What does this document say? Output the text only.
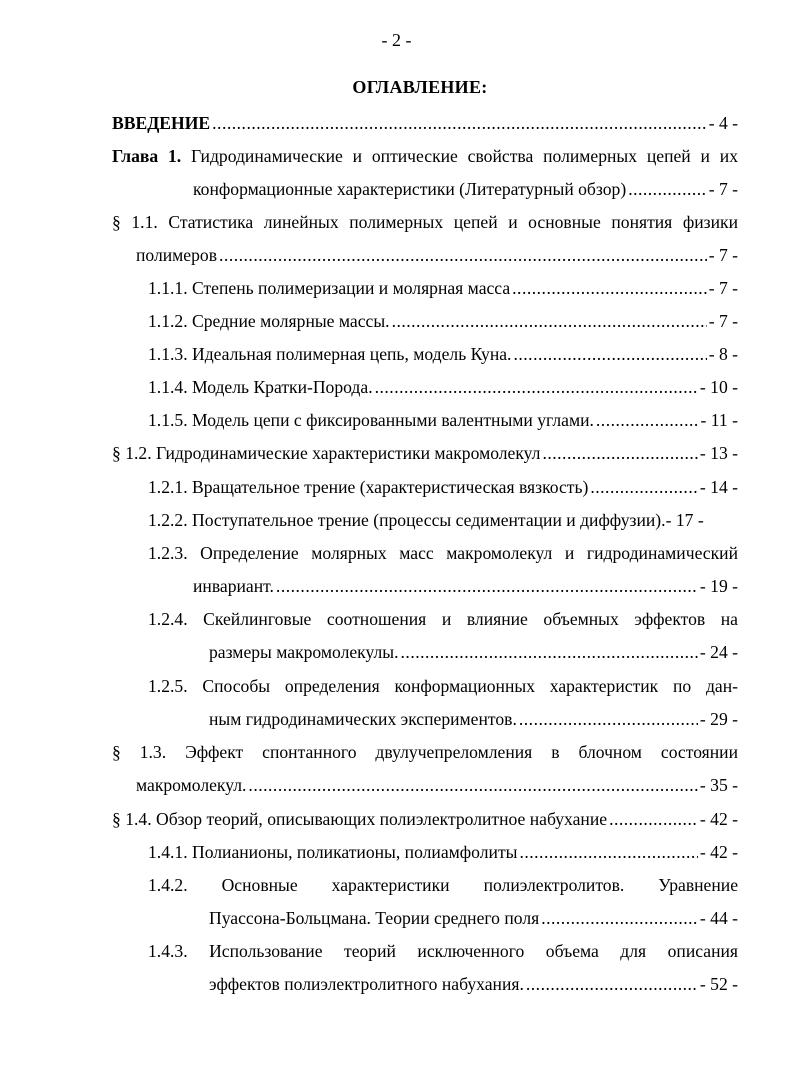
- 2 -
ОГЛАВЛЕНИЕ:
ВВЕДЕНИЕ .....	- 4 -
Глава 1. Гидродинамические и оптические свойства полимерных цепей и их
конформационные характеристики (Литературный обзор) .....	- 7 -
§ 1.1. Статистика линейных полимерных цепей и основные понятия физики
полимеров .....	- 7 -
1.1.1. Степень полимеризации и молярная масса .....	- 7 -
1.1.2. Средние молярные массы. .....	- 7 -
1.1.3. Идеальная полимерная цепь, модель Куна. .....	- 8 -
1.1.4. Модель Кратки-Порода. .....	- 10 -
1.1.5. Модель цепи с фиксированными валентными углами. .....	- 11 -
§ 1.2. Гидродинамические характеристики макромолекул .....	- 13 -
1.2.1. Вращательное трение (характеристическая вязкость) .....	- 14 -
1.2.2. Поступательное трение (процессы седиментации и диффузии). - 17 -
1.2.3. Определение молярных масс макромолекул и гидродинамический
инвариант. .....	- 19 -
1.2.4. Скейлинговые соотношения и влияние объемных эффектов на
размеры макромолекулы. .....	- 24 -
1.2.5. Способы определения конформационных характеристик по дан-
ным гидродинамических экспериментов. .....	- 29 -
§ 1.3. Эффект спонтанного двулучепреломления в блочном состоянии
макромолекул. .....	- 35 -
§ 1.4. Обзор теорий, описывающих полиэлектролитное набухание .....	- 42 -
1.4.1. Полианионы, поликатионы, полиамфолиты .....	- 42 -
1.4.2. Основные характеристики полиэлектролитов. Уравнение
Пуассона-Больцмана. Теории среднего поля .....	- 44 -
1.4.3. Использование теорий исключенного объема для описания
эффектов полиэлектролитного набухания. .....	- 52 -
